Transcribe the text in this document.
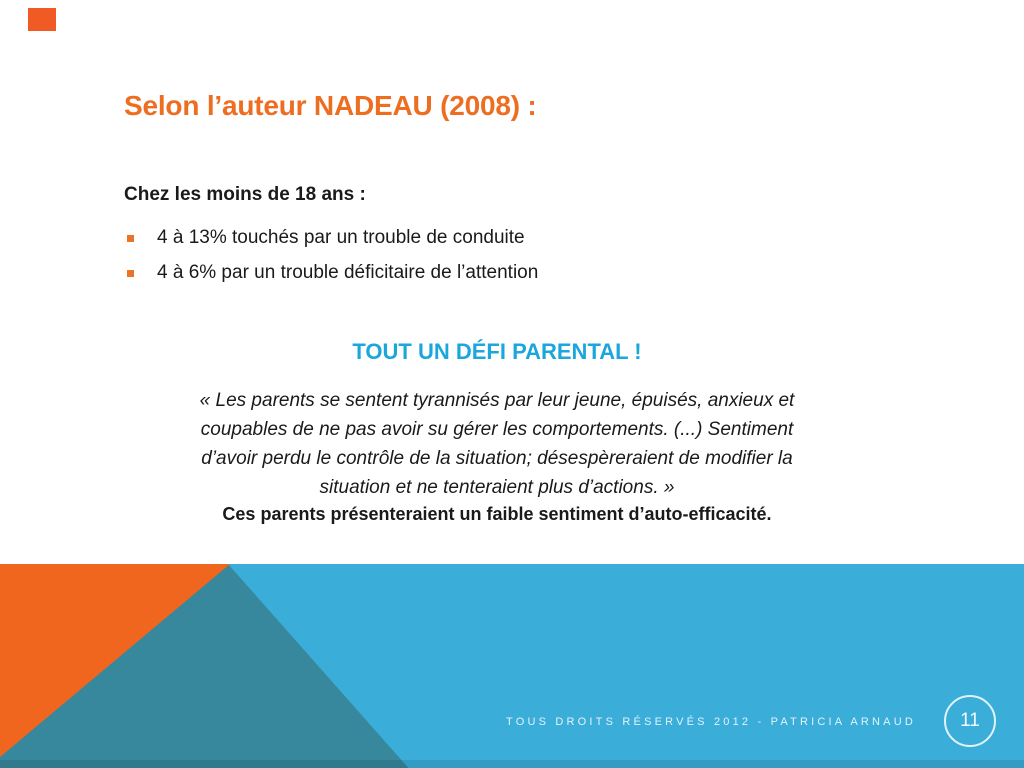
Selon l’auteur NADEAU (2008) :
Chez les moins de 18 ans :
4 à 13% touchés par un trouble de conduite
4 à 6% par un trouble déficitaire de l’attention
TOUT UN DÉFI PARENTAL !
« Les parents se sentent tyrannisés par leur jeune, épuisés, anxieux et
coupables de ne pas avoir su gérer les comportements. (...) Sentiment
d’avoir perdu le contrôle de la situation; désespèreraient de modifier la
situation et ne tenteraient plus d’actions. »
Ces parents présenteraient un faible sentiment d’auto-efficacité.
TOUS DROITS RÉSERVÉS 2012 - PATRICIA ARNAUD 11
